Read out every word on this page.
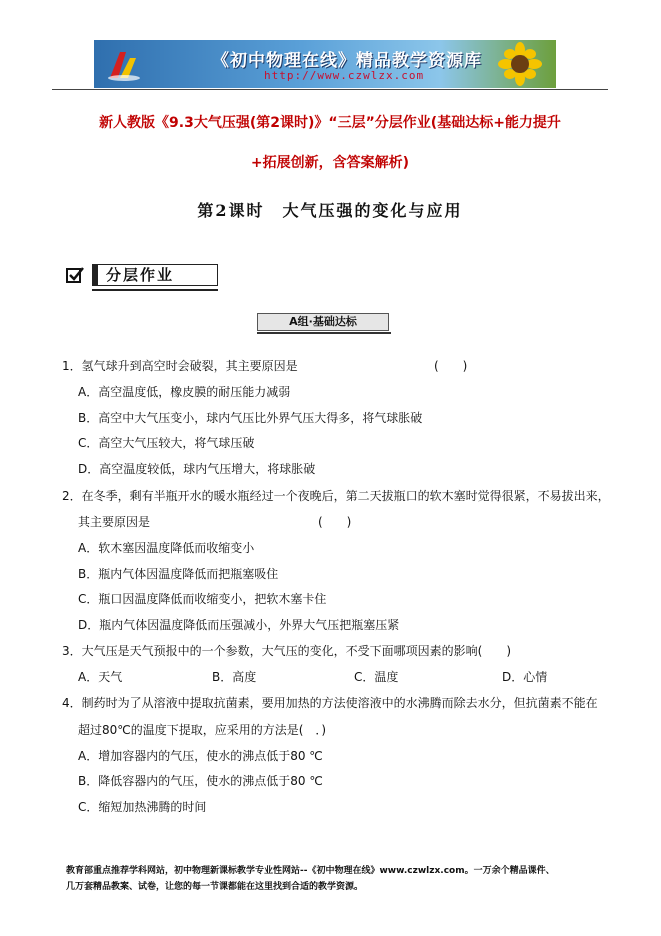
《初中物理在线》精品教学资源库
http://www.czwlzx.com
新人教版《9.3大气压强(第2课时)》“三层”分层作业(基础达标+能力提升
+拓展创新，含答案解析)
第2课时　大气压强的变化与应用
分层作业
A组·基础达标
1．氢气球升到高空时会破裂，其主要原因是	(　　)
A．高空温度低，橡皮膜的耐压能力减弱
B．高空中大气压变小，球内气压比外界气压大得多，将气球胀破
C．高空大气压较大，将气球压破
D．高空温度较低，球内气压增大，将球胀破
2．在冬季，剩有半瓶开水的暖水瓶经过一个夜晚后，第二天拔瓶口的软木塞时觉得很紧，不易拔出来，
其主要原因是	(　　)
A．软木塞因温度降低而收缩变小
B．瓶内气体因温度降低而把瓶塞吸住
C．瓶口因温度降低而收缩变小，把软木塞卡住
D．瓶内气体因温度降低而压强减小，外界大气压把瓶塞压紧
3．大气压是天气预报中的一个参数，大气压的变化，不受下面哪项因素的影响(　　)
A．天气	B．高度	C．温度	D．心情
4．制药时为了从溶液中提取抗菌素，要用加热的方法使溶液中的水沸腾而除去水分，但抗菌素不能在
超过80℃的温度下提取，应采用的方法是(　．)
A．增加容器内的气压，使水的沸点低于80 ℃
B．降低容器内的气压，使水的沸点低于80 ℃
C．缩短加热沸腾的时间
教育部重点推荐学科网站，初中物理新课标教学专业性网站--《初中物理在线》www.czwlzx.com。一万余个精品课件、
几万套精品教案、试卷，让您的每一节课都能在这里找到合适的教学资源。
